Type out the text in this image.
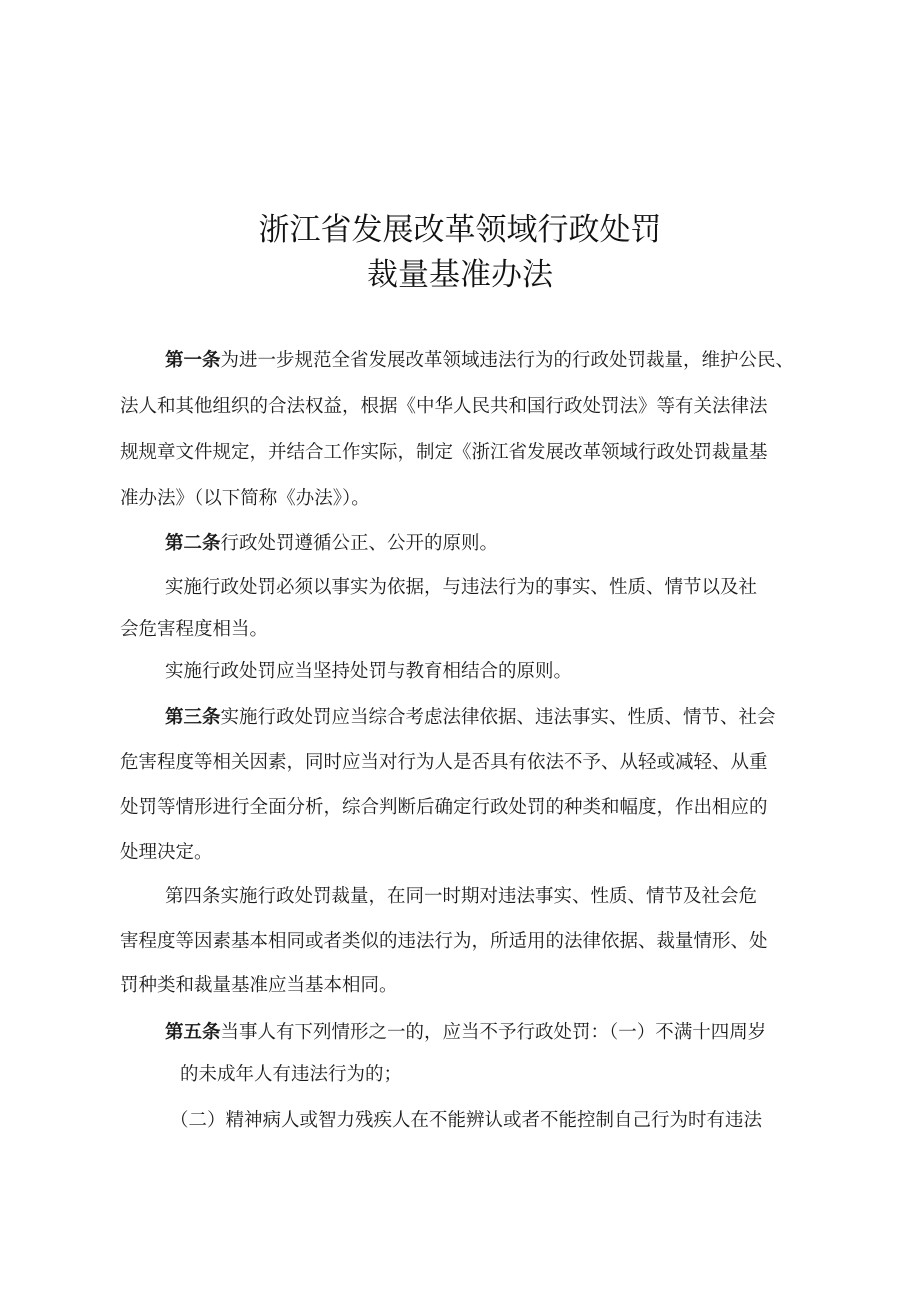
浙江省发展改革领域行政处罚
裁量基准办法
第一条为进一步规范全省发展改革领域违法行为的行政处罚裁量，维护公民、
法人和其他组织的合法权益，根据《中华人民共和国行政处罚法》等有关法律法
规规章文件规定，并结合工作实际，制定《浙江省发展改革领域行政处罚裁量基
准办法》（以下简称《办法》）。
第二条行政处罚遵循公正、公开的原则。
实施行政处罚必须以事实为依据，与违法行为的事实、性质、情节以及社
会危害程度相当。
实施行政处罚应当坚持处罚与教育相结合的原则。
第三条实施行政处罚应当综合考虑法律依据、违法事实、性质、情节、社会
危害程度等相关因素，同时应当对行为人是否具有依法不予、从轻或减轻、从重
处罚等情形进行全面分析，综合判断后确定行政处罚的种类和幅度，作出相应的
处理决定。
第四条实施行政处罚裁量，在同一时期对违法事实、性质、情节及社会危
害程度等因素基本相同或者类似的违法行为，所适用的法律依据、裁量情形、处
罚种类和裁量基准应当基本相同。
第五条当事人有下列情形之一的，应当不予行政处罚：（一）不满十四周岁
的未成年人有违法行为的；
（二）精神病人或智力残疾人在不能辨认或者不能控制自己行为时有违法
